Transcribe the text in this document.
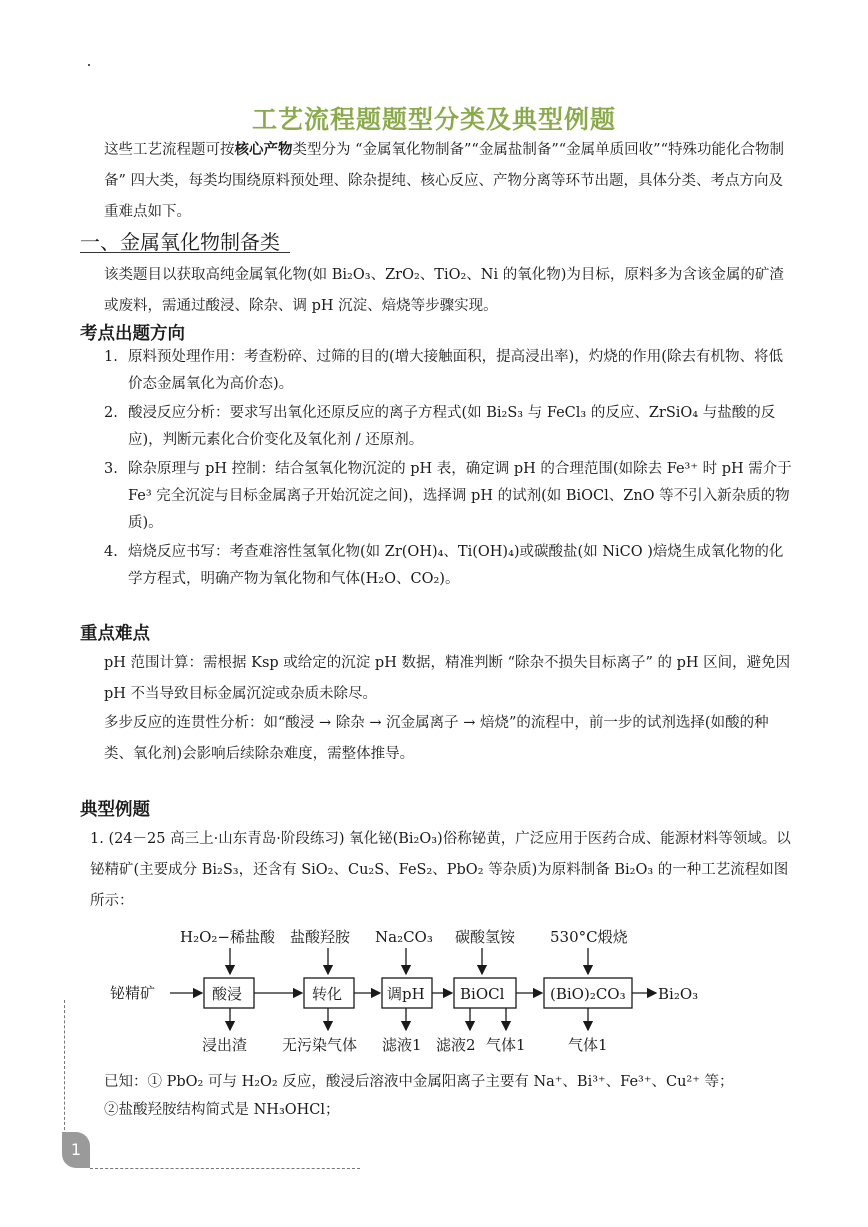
工艺流程题题型分类及典型例题
这些工艺流程题可按核心产物类型分为 “金属氧化物制备”“金属盐制备”“金属单质回收”“特殊功能化合物制备” 四大类，每类均围绕原料预处理、除杂提纯、核心反应、产物分离等环节出题，具体分类、考点方向及重难点如下。
一、金属氧化物制备类
该类题目以获取高纯金属氧化物(如 Bi₂O₃、ZrO₂、TiO₂、Ni 的氧化物)为目标，原料多为含该金属的矿渣或废料，需通过酸浸、除杂、调 pH 沉淀、焙烧等步骤实现。
考点出题方向
1. 原料预处理作用：考查粉碎、过筛的目的(增大接触面积，提高浸出率)，灼烧的作用(除去有机物、将低价态金属氧化为高价态)。
2. 酸浸反应分析：要求写出氧化还原反应的离子方程式(如 Bi₂S₃ 与 FeCl₃ 的反应、ZrSiO₄ 与盐酸的反应)，判断元素化合价变化及氧化剂 / 还原剂。
3. 除杂原理与 pH 控制：结合氢氧化物沉淀的 pH 表，确定调 pH 的合理范围(如除去 Fe³⁺ 时 pH 需介于 Fe³ 完全沉淀与目标金属离子开始沉淀之间)，选择调 pH 的试剂(如 BiOCl、ZnO 等不引入新杂质的物质)。
4. 焙烧反应书写：考查难溶性氢氧化物(如 Zr(OH)₄、Ti(OH)₄)或碳酸盐(如 NiCO )焙烧生成氧化物的化学方程式，明确产物为氧化物和气体(H₂O、CO₂)。
重点难点
pH 范围计算：需根据 Ksp 或给定的沉淀 pH 数据，精准判断 “除杂不损失目标离子” 的 pH 区间，避免因 pH 不当导致目标金属沉淀或杂质未除尽。
多步反应的连贯性分析：如“酸浸 → 除杂 → 沉金属离子 → 焙烧”的流程中，前一步的试剂选择(如酸的种类、氧化剂)会影响后续除杂难度，需整体推导。
典型例题
1. (24－25 高三上·山东青岛·阶段练习) 氧化铋(Bi₂O₃)俗称铋黄，广泛应用于医药合成、能源材料等领域。以铋精矿(主要成分 Bi₂S₃，还含有 SiO₂、Cu₂S、FeS₂、PbO₂ 等杂质)为原料制备 Bi₂O₃ 的一种工艺流程如图所示：
H₂O₂−稀盐酸 盐酸羟胺 Na₂CO₃ 碳酸氢铵 530°C煅烧
铋精矿	酸浸	转化	调pH BiOCl	(BiO)₂CO₃ Bi₂O₃
浸出渣 无污染气体 滤液1 滤液2 气体1	气体1
已知：① PbO₂ 可与 H₂O₂ 反应，酸浸后溶液中金属阳离子主要有 Na⁺、Bi³⁺、Fe³⁺、Cu²⁺ 等；
②盐酸羟胺结构简式是 NH₃OHCl；
1
